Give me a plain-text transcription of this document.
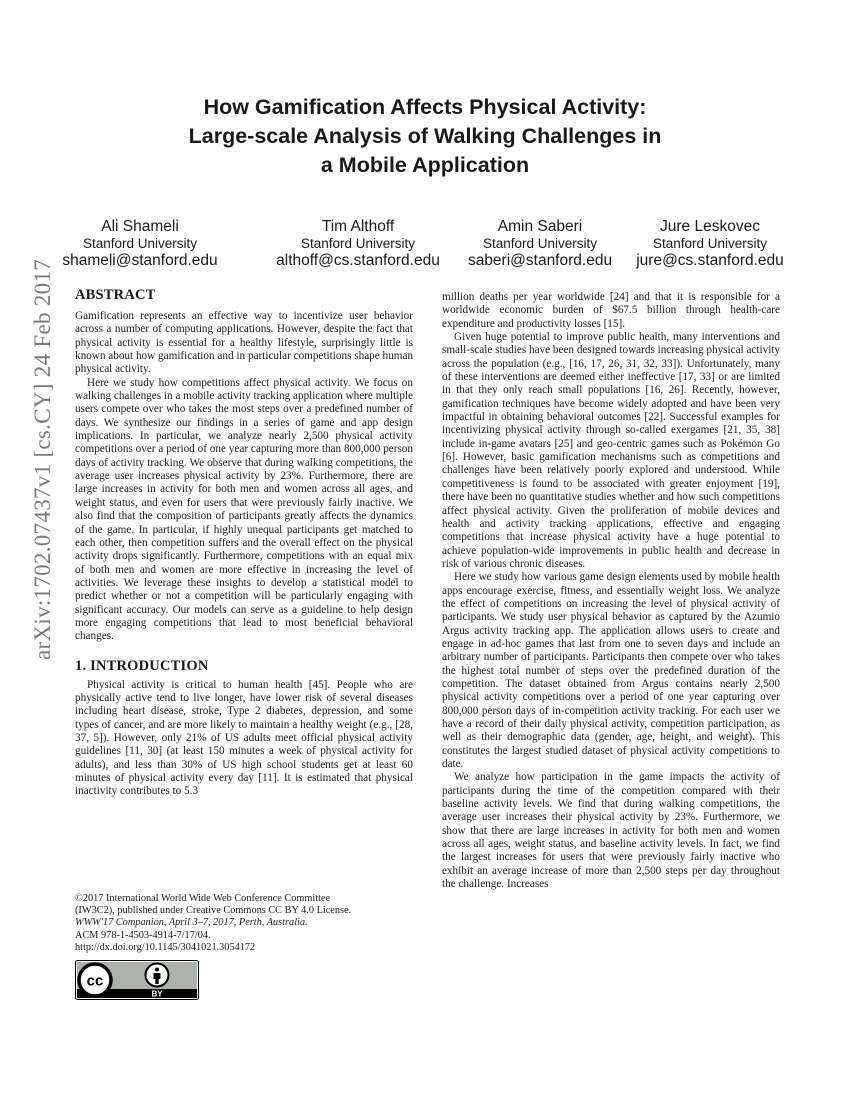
How Gamification Affects Physical Activity:
Large-scale Analysis of Walking Challenges in
a Mobile Application
Ali Shameli
Stanford University
shameli@stanford.edu
Tim Althoff
Stanford University
althoff@cs.stanford.edu
Amin Saberi
Stanford University
saberi@stanford.edu
Jure Leskovec
Stanford University
jure@cs.stanford.edu
arXiv:1702.07437v1 [cs.CY] 24 Feb 2017 ABSTRACT

Gamification represents an effective way to incentivize user behavior across a number of computing applications. However, despite the fact that physical activity is essential for a healthy lifestyle, surprisingly little is known about how gamification and in particular competitions shape human physical activity.

Here we study how competitions affect physical activity. We focus on walking challenges in a mobile activity tracking application where multiple users compete over who takes the most steps over a predefined number of days. We synthesize our findings in a series of game and app design implications. In particular, we analyze nearly 2,500 physical activity competitions over a period of one year capturing more than 800,000 person days of activity tracking. We observe that during walking competitions, the average user increases physical activity by 23%. Furthermore, there are large increases in activity for both men and women across all ages, and weight status, and even for users that were previously fairly inactive. We also find that the composition of participants greatly affects the dynamics of the game. In particular, if highly unequal participants get matched to each other, then competition suffers and the overall effect on the physical activity drops significantly. Furthermore, competitions with an equal mix of both men and women are more effective in increasing the level of activities. We leverage these insights to develop a statistical model to predict whether or not a competition will be particularly engaging with significant accuracy. Our models can serve as a guideline to help design more engaging competitions that lead to most beneficial behavioral changes.

1. INTRODUCTION

Physical activity is critical to human health [45]. People who are physically active tend to live longer, have lower risk of several diseases including heart disease, stroke, Type 2 diabetes, depression, and some types of cancer, and are more likely to maintain a healthy weight (e.g., [28, 37, 5]). However, only 21% of US adults meet official physical activity guidelines [11, 30] (at least 150 minutes a week of physical activity for adults), and less than 30% of US high school students get at least 60 minutes of physical activity every day [11]. It is estimated that physical inactivity contributes to 5.3

©2017 International World Wide Web Conference Committee
(IW3C2), published under Creative Commons CC BY 4.0 License.
WWW'17 Companion, April 3–7, 2017, Perth, Australia.
ACM 978-1-4503-4914-7/17/04.
http://dx.doi.org/10.1145/3041021.3054172
cc
BY

million deaths per year worldwide [24] and that it is responsible for a worldwide economic burden of $67.5 billion through health-care expenditure and productivity losses [15].

Given huge potential to improve public health, many interventions and small-scale studies have been designed towards increasing physical activity across the population (e.g., [16, 17, 26, 31, 32, 33]). Unfortunately, many of these interventions are deemed either ineffective [17, 33] or are limited in that they only reach small populations [16, 26]. Recently, however, gamification techniques have become widely adopted and have been very impactful in obtaining behavioral outcomes [22]. Successful examples for incentivizing physical activity through so-called exergames [21, 35, 38] include in-game avatars [25] and geo-centric games such as Pokémon Go [6]. However, basic gamification mechanisms such as competitions and challenges have been relatively poorly explored and understood. While competitiveness is found to be associated with greater enjoyment [19], there have been no quantitative studies whether and how such competitions affect physical activity. Given the proliferation of mobile devices and health and activity tracking applications, effective and engaging competitions that increase physical activity have a huge potential to achieve population-wide improvements in public health and decrease in risk of various chronic diseases.

Here we study how various game design elements used by mobile health apps encourage exercise, fitness, and essentially weight loss. We analyze the effect of competitions on increasing the level of physical activity of participants. We study user physical behavior as captured by the Azumio Argus activity tracking app. The application allows users to create and engage in ad-hoc games that last from one to seven days and include an arbitrary number of participants. Participants then compete over who takes the highest total number of steps over the predefined duration of the competition. The dataset obtained from Argus contains nearly 2,500 physical activity competitions over a period of one year capturing over 800,000 person days of in-competition activity tracking. For each user we have a record of their daily physical activity, competition participation, as well as their demographic data (gender, age, height, and weight). This constitutes the largest studied dataset of physical activity competitions to date.

We analyze how participation in the game impacts the activity of participants during the time of the competition compared with their baseline activity levels. We find that during walking competitions, the average user increases their physical activity by 23%. Furthermore, we show that there are large increases in activity for both men and women across all ages, weight status, and baseline activity levels. In fact, we find the largest increases for users that were previously fairly inactive who exhibit an average increase of more than 2,500 steps per day throughout the challenge. Increases
